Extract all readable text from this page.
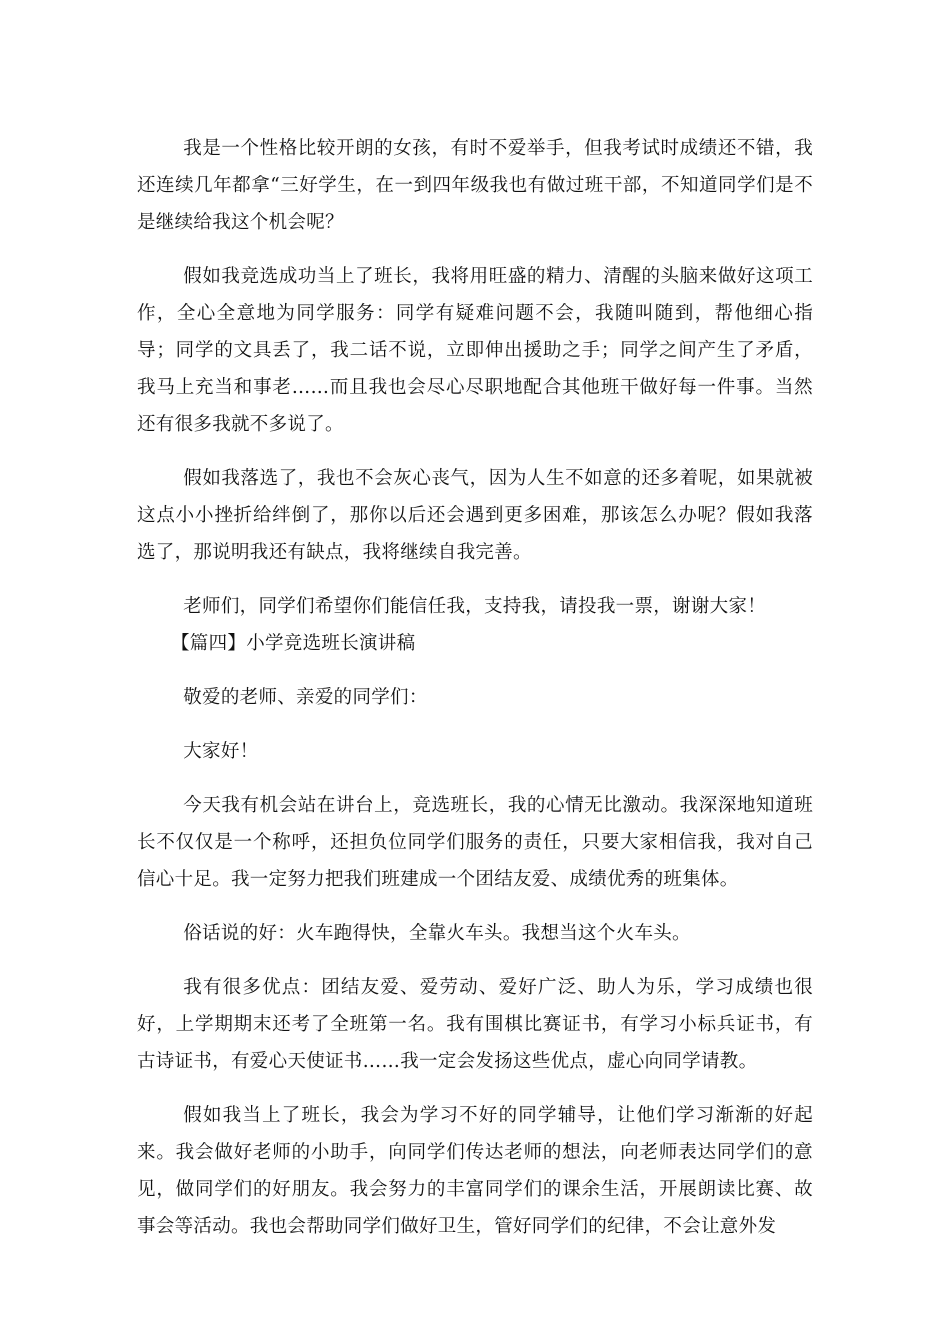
我是一个性格比较开朗的女孩，有时不爱举手，但我考试时成绩还不错，我还连续几年都拿“三好学生，在一到四年级我也有做过班干部，不知道同学们是不是继续给我这个机会呢？

假如我竞选成功当上了班长，我将用旺盛的精力、清醒的头脑来做好这项工作，全心全意地为同学服务：同学有疑难问题不会，我随叫随到，帮他细心指导；同学的文具丢了，我二话不说，立即伸出援助之手；同学之间产生了矛盾，我马上充当和事老……而且我也会尽心尽职地配合其他班干做好每一件事。当然还有很多我就不多说了。

假如我落选了，我也不会灰心丧气，因为人生不如意的还多着呢，如果就被这点小小挫折给绊倒了，那你以后还会遇到更多困难，那该怎么办呢？假如我落选了，那说明我还有缺点，我将继续自我完善。

老师们，同学们希望你们能信任我，支持我，请投我一票，谢谢大家！

【篇四】小学竞选班长演讲稿

敬爱的老师、亲爱的同学们：

大家好！

今天我有机会站在讲台上，竞选班长，我的心情无比激动。我深深地知道班长不仅仅是一个称呼，还担负位同学们服务的责任，只要大家相信我，我对自己信心十足。我一定努力把我们班建成一个团结友爱、成绩优秀的班集体。

俗话说的好：火车跑得快，全靠火车头。我想当这个火车头。

我有很多优点：团结友爱、爱劳动、爱好广泛、助人为乐，学习成绩也很好，上学期期末还考了全班第一名。我有围棋比赛证书，有学习小标兵证书，有古诗证书，有爱心天使证书……我一定会发扬这些优点，虚心向同学请教。

假如我当上了班长，我会为学习不好的同学辅导，让他们学习渐渐的好起来。我会做好老师的小助手，向同学们传达老师的想法，向老师表达同学们的意见，做同学们的好朋友。我会努力的丰富同学们的课余生活，开展朗读比赛、故事会等活动。我也会帮助同学们做好卫生，管好同学们的纪律，不会让意外发
